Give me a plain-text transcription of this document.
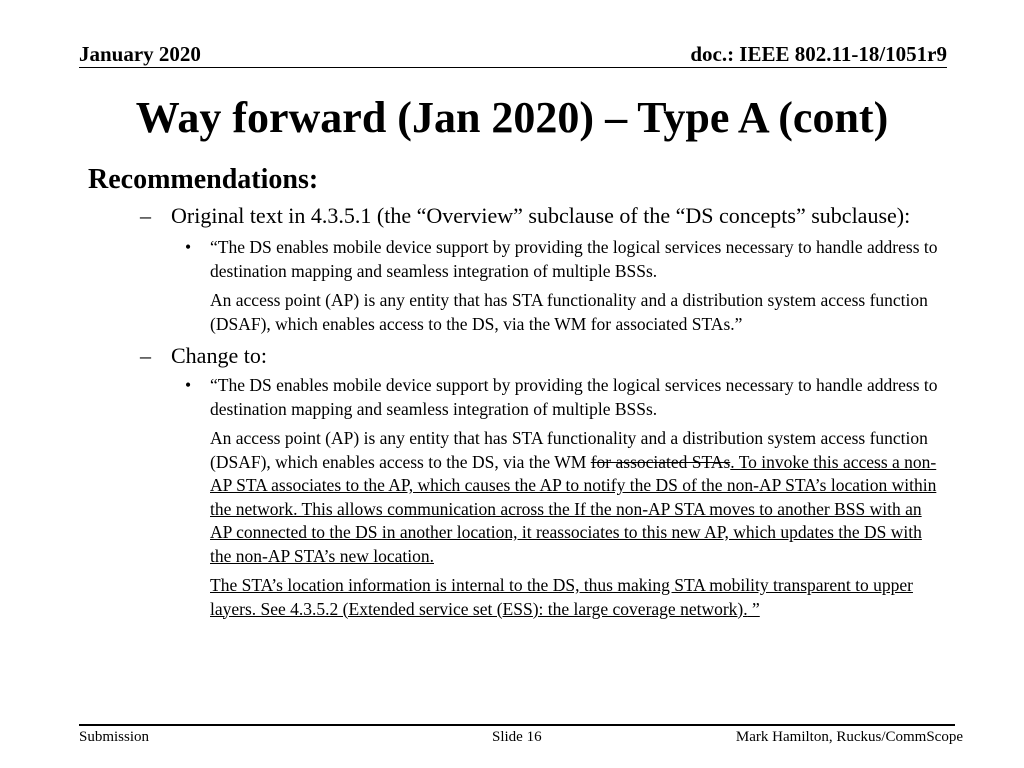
January 2020	doc.: IEEE 802.11-18/1051r9
Way forward (Jan 2020) – Type A (cont)
Recommendations:
– Original text in 4.3.5.1 (the “Overview” subclause of the “DS concepts” subclause):
• “The DS enables mobile device support by providing the logical services necessary to handle address to destination mapping and seamless integration of multiple BSSs.
An access point (AP) is any entity that has STA functionality and a distribution system access function (DSAF), which enables access to the DS, via the WM for associated STAs.”
– Change to:
• “The DS enables mobile device support by providing the logical services necessary to handle address to destination mapping and seamless integration of multiple BSSs.
An access point (AP) is any entity that has STA functionality and a distribution system access function (DSAF), which enables access to the DS, via the WM for associated STAs. To invoke this access a non-AP STA associates to the AP, which causes the AP to notify the DS of the non-AP STA’s location within the network. This allows communication across the If the non-AP STA moves to another BSS with an AP connected to the DS in another location, it reassociates to this new AP, which updates the DS with the non-AP STA’s new location.
The STA’s location information is internal to the DS, thus making STA mobility transparent to upper layers. See 4.3.5.2 (Extended service set (ESS): the large coverage network). ”
Submission	Slide 16	Mark Hamilton, Ruckus/CommScope
